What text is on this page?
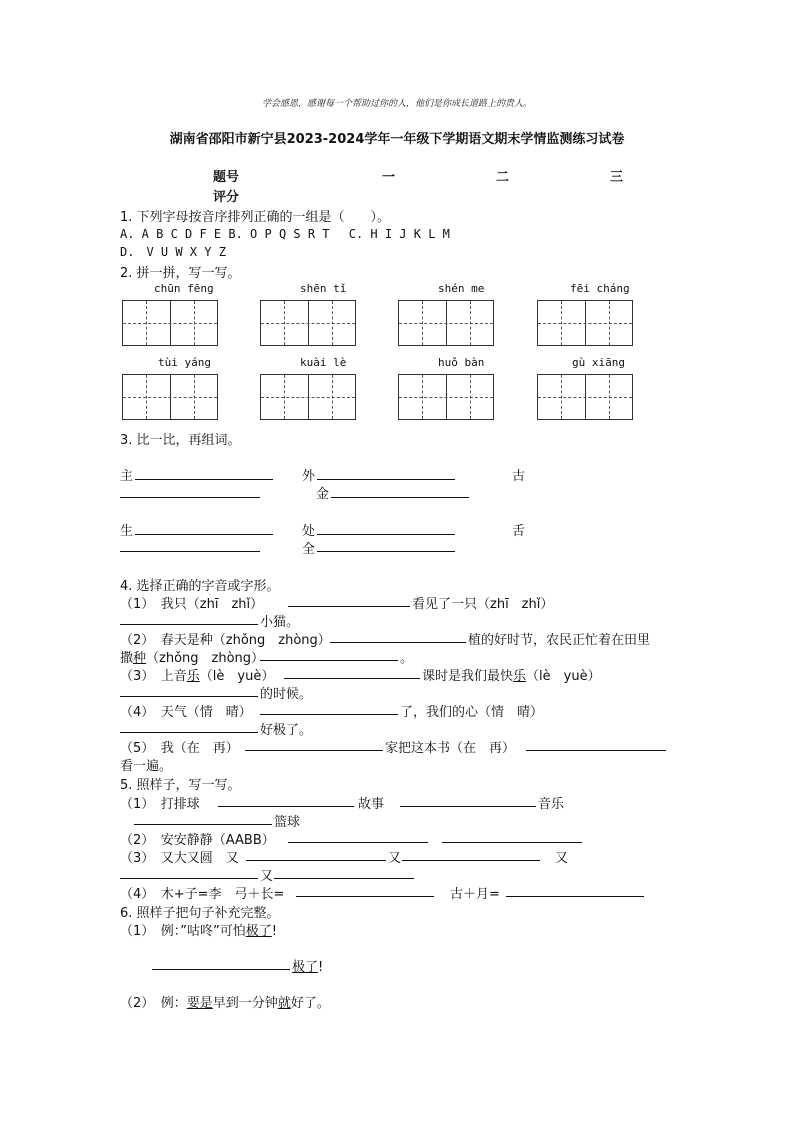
学会感恩，感谢每一个帮助过你的人，他们是你成长道路上的贵人。
湖南省邵阳市新宁县2023-2024学年一年级下学期语文期末学情监测练习试卷
题号	一	二	三
评分
1. 下列字母按音序排列正确的一组是（　　）。
A. A B C D F E B. O P Q S R T　 C. H I J K L M
D.　V U W X Y Z
2. 拼一拼，写一写。
chūn fēng	shēn tǐ	shén me	fēi cháng
tùi yáng	kuài lè	huǒ bàn	gù xiāng
3. 比一比，再组词。
主	外	古
金
生	处	舌
全
4. 选择正确的字音或字形。
（1）　我只（zhī　zhǐ）	看见了一只（zhī　zhǐ）
小猫。
（2）　春天是种（zhǒng　zhòng）	植的好时节，农民正忙着在田里
撒种（zhǒng　zhòng）	。
（3）　上音乐（lè　yuè）	课时是我们最快乐（lè　yuè）
的时候。
（4）　天气（情　晴）	了，我们的心（情　晴）
好极了。
（5）　我（在　再）	家把这本书（在　再）
看一遍。
5. 照样子，写一写。
（1）　打排球	故事	音乐
篮球
（2）　安安静静（AABB）
（3）　又大又圆　又	又	又
又
（4）　木+子=李　弓＋长=	古＋月=
6. 照样子把句子补充完整。
（1）　例：”咕咚”可怕极了!
极了!
（2）　例：要是早到一分钟就好了。
